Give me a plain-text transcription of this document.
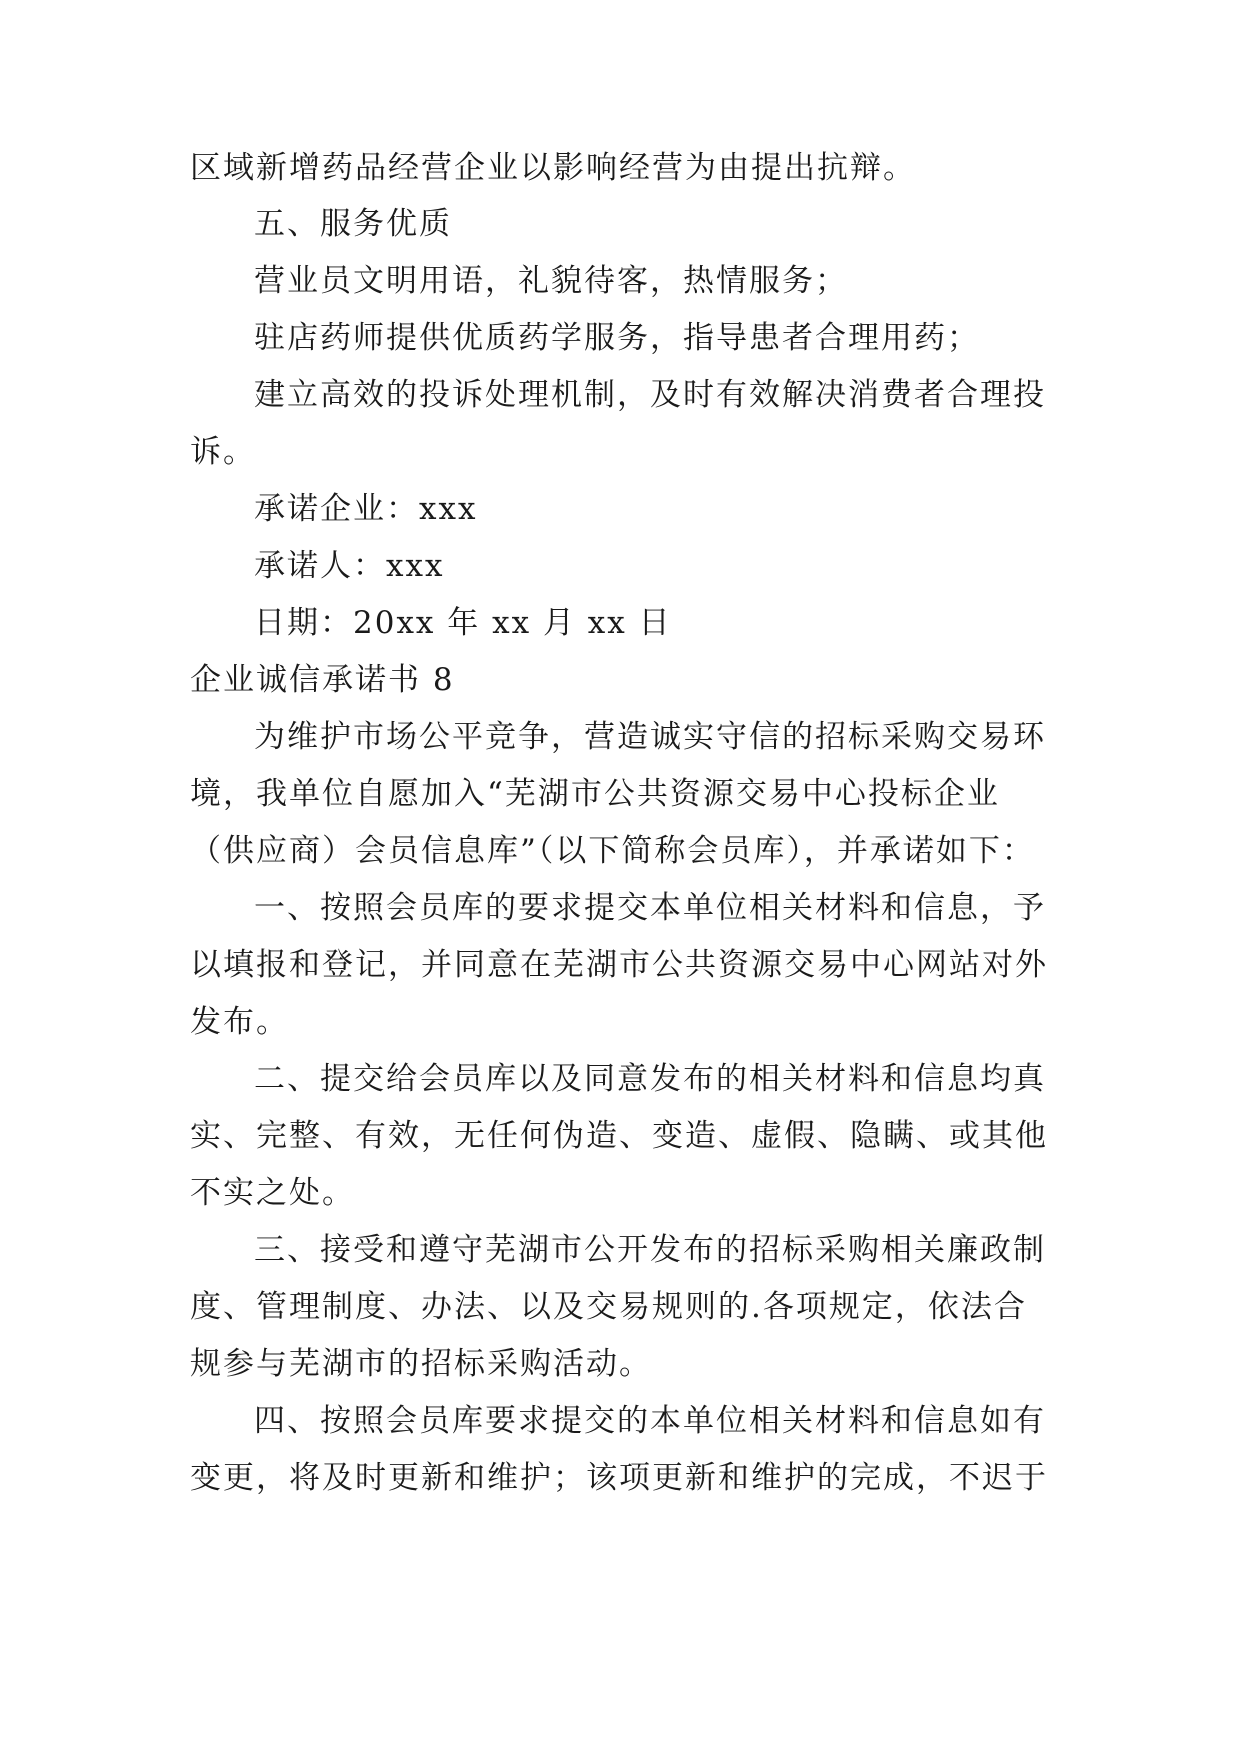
区域新增药品经营企业以影响经营为由提出抗辩。
五、服务优质
营业员文明用语，礼貌待客，热情服务；
驻店药师提供优质药学服务，指导患者合理用药；
建立高效的投诉处理机制，及时有效解决消费者合理投
诉。
承诺企业：xxx
承诺人：xxx
日期：20xx 年 xx 月 xx 日
企业诚信承诺书 8
为维护市场公平竞争，营造诚实守信的招标采购交易环
境，我单位自愿加入“芜湖市公共资源交易中心投标企业
（供应商）会员信息库”（以下简称会员库），并承诺如下：
一、按照会员库的要求提交本单位相关材料和信息，予
以填报和登记，并同意在芜湖市公共资源交易中心网站对外
发布。
二、提交给会员库以及同意发布的相关材料和信息均真
实、完整、有效，无任何伪造、变造、虚假、隐瞒、或其他
不实之处。
三、接受和遵守芜湖市公开发布的招标采购相关廉政制
度、管理制度、办法、以及交易规则的.各项规定，依法合
规参与芜湖市的招标采购活动。
四、按照会员库要求提交的本单位相关材料和信息如有
变更，将及时更新和维护；该项更新和维护的完成，不迟于
